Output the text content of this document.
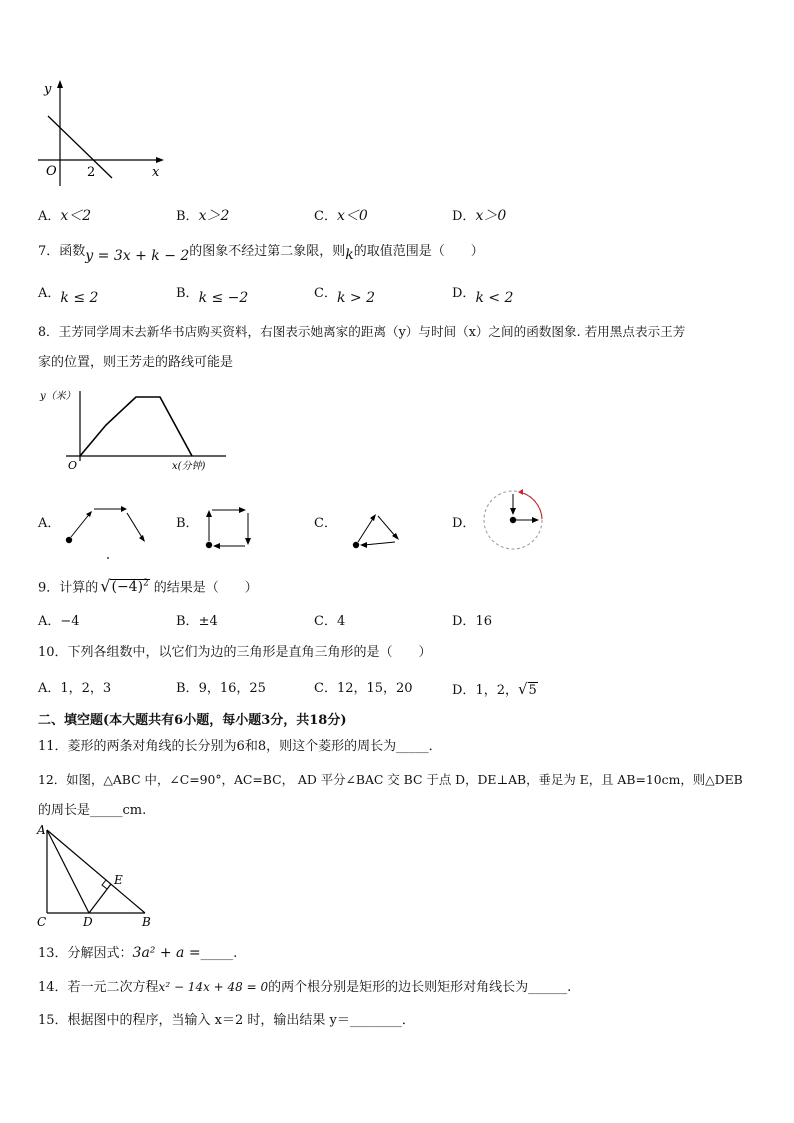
y
x
O 2
A．x＜2	B．x＞2	C．x＜0	D．x＞0
7．函数y = 3x + k − 2的图象不经过第二象限，则k的取值范围是（　　）
A．k ≤ 2	B．k ≤ −2	C．k > 2	D．k < 2
8．王芳同学周末去新华书店购买资料，右图表示她离家的距离（y）与时间（x）之间的函数图象. 若用黑点表示王芳
家的位置，则王芳走的路线可能是
y（米）
O	x(分钟)
A．	B．	C．	D．
9．计算的 $√(-4)^2$ 的结果是（　　）
A．−4	B．±4	C．4	D．16
10．下列各组数中，以它们为边的三角形是直角三角形的是（　　）
A．1，2，3	B．9，16，25	C．12，15，20	D．1，2，√5
二、填空题(本大题共有6小题，每小题3分，共18分)
11．菱形的两条对角线的长分别为6和8，则这个菱形的周长为_____．
12．如图，△ABC 中，∠C=90°，AC=BC， AD 平分∠BAC 交 BC 于点 D，DE⊥AB，垂足为 E，且 AB=10cm，则△DEB
的周长是_____cm.
A
C	D	B
E
13．分解因式：3a² + a =_____.
14．若一元二次方程x² − 14x + 48 = 0的两个根分别是矩形的边长则矩形对角线长为______.
15．根据图中的程序，当输入 x＝2 时，输出结果 y＝________．
